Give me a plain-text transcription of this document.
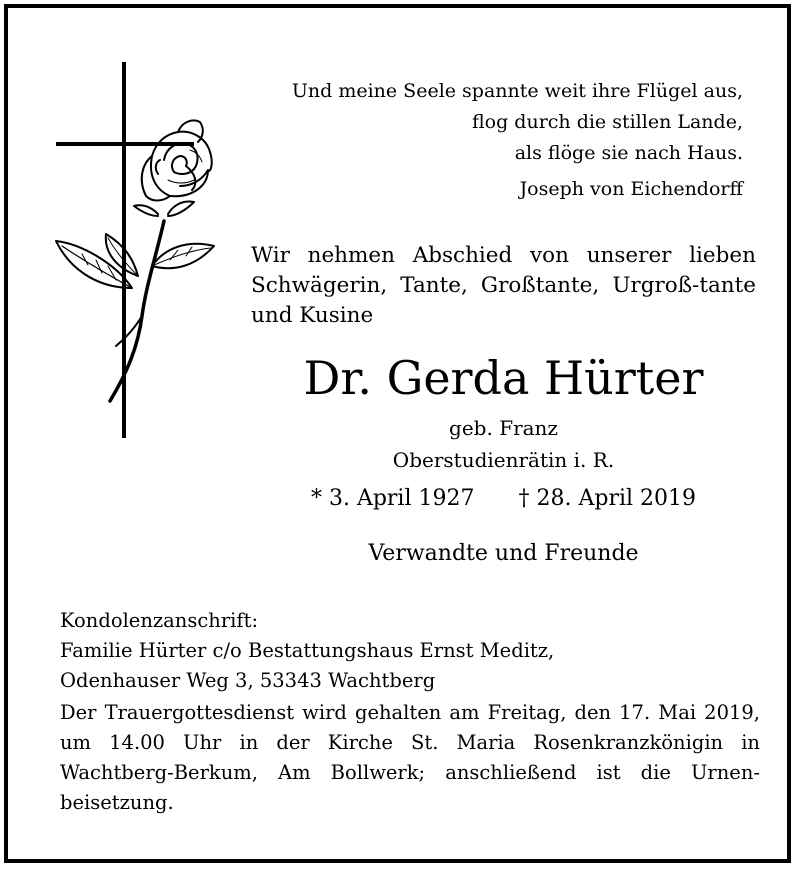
Und meine Seele spannte weit ihre Flügel aus,
flog durch die stillen Lande,
als flöge sie nach Haus.
Joseph von Eichendorff
Wir nehmen Abschied von unserer lieben Schwägerin, Tante, Großtante, Urgroß-tante und Kusine
Dr. Gerda Hürter
geb. Franz
Oberstudienrätin i. R.
* 3. April 1927 † 28. April 2019
Verwandte und Freunde
Kondolenzanschrift:
Familie Hürter c/o Bestattungshaus Ernst Meditz,
Odenhauser Weg 3, 53343 Wachtberg
Der Trauergottesdienst wird gehalten am Freitag, den 17. Mai 2019, um 14.00 Uhr in der Kirche St. Maria Rosenkranzkönigin in Wachtberg-Berkum, Am Bollwerk; anschließend ist die Urnen-beisetzung.
